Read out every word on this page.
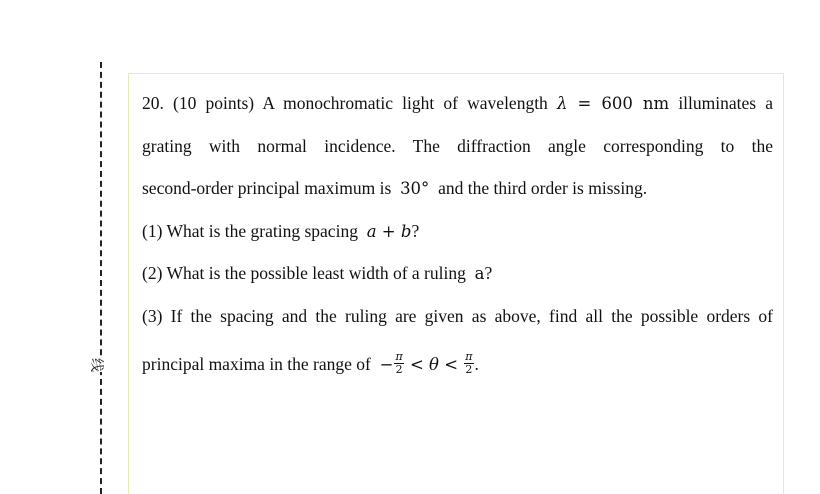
线
20. (10 points) A monochromatic light of wavelength λ = 600 nm illuminates a
grating with normal incidence. The diffraction angle corresponding to the
second-order principal maximum is 30° and the third order is missing.
(1) What is the grating spacing a + b?
(2) What is the possible least width of a ruling a?
(3) If the spacing and the ruling are given as above, find all the possible orders of
principal maxima in the range of − $\frac{\pi}{2} < \theta < \frac{\pi}{2}$ .
